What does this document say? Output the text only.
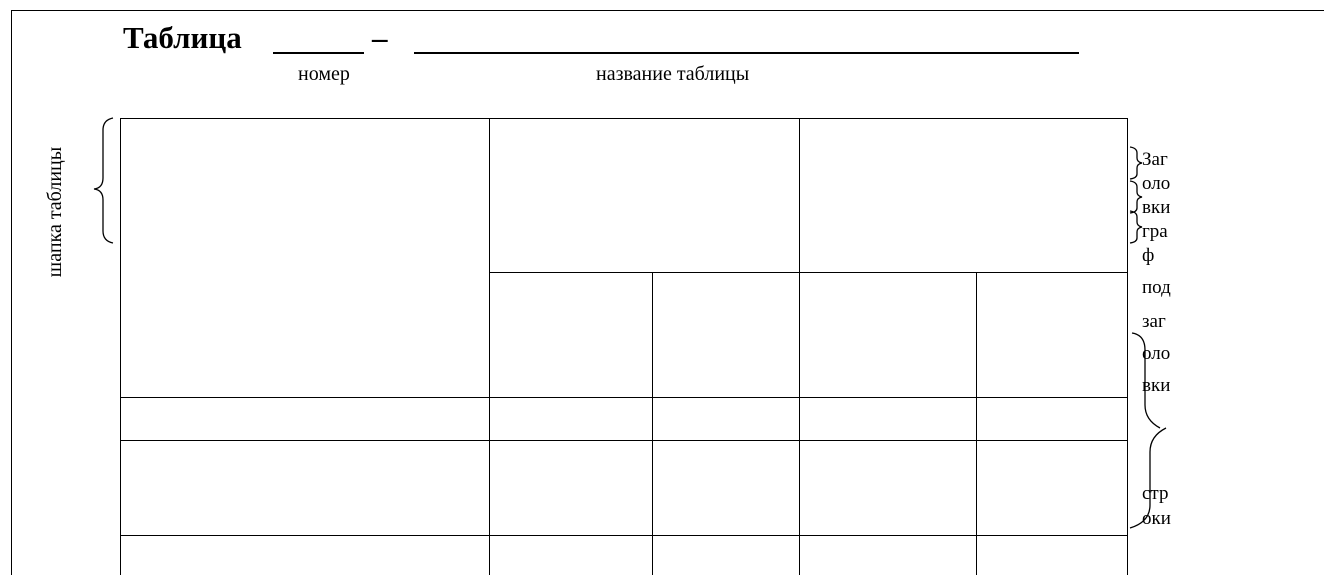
Таблица	–
номер	название таблицы
шапка таблицы	Заг
оло
вки
гра
ф
под
заг
оло
вки
стр
оки
